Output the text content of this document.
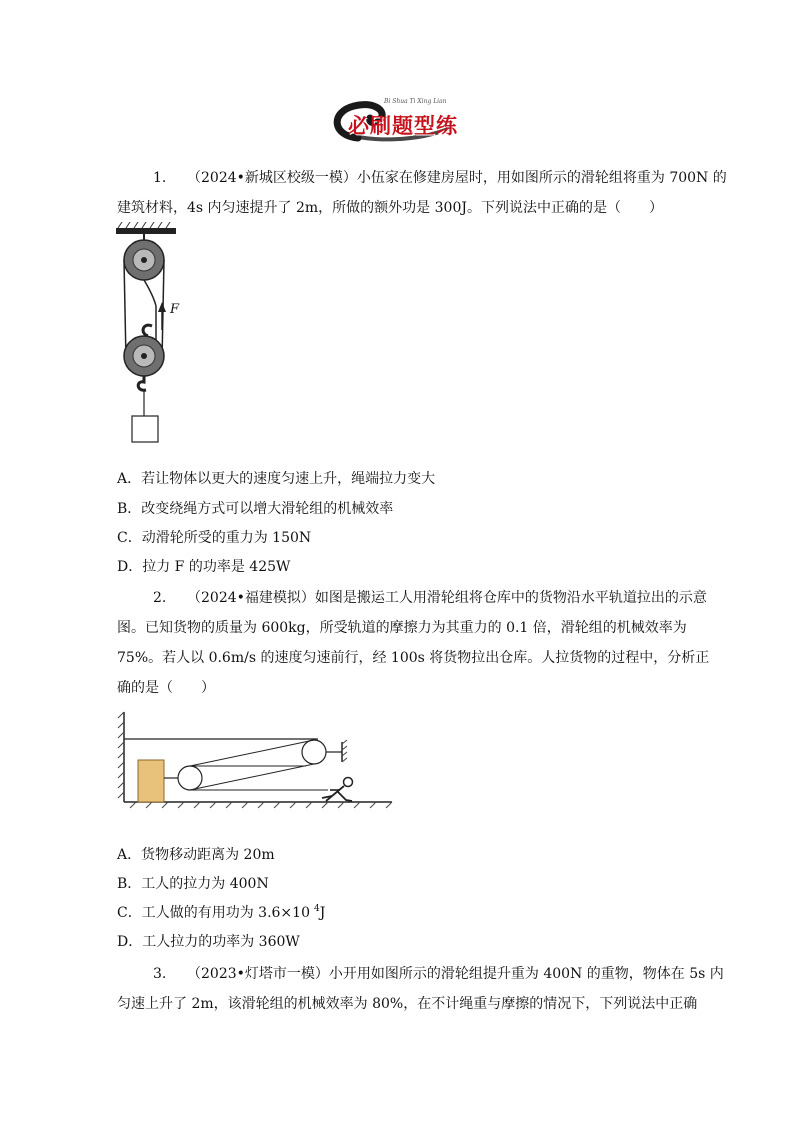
必刷题型练
Bi Shua Ti Xing Lian
1. （2024•新城区校级一模）小伍家在修建房屋时，用如图所示的滑轮组将重为 700N 的
建筑材料，4s 内匀速提升了 2m，所做的额外功是 300J。下列说法中正确的是（　　）
F
A．若让物体以更大的速度匀速上升，绳端拉力变大
B．改变绕绳方式可以增大滑轮组的机械效率
C．动滑轮所受的重力为 150N
D．拉力 F 的功率是 425W
2. （2024•福建模拟）如图是搬运工人用滑轮组将仓库中的货物沿水平轨道拉出的示意
图。已知货物的质量为 600kg，所受轨道的摩擦力为其重力的 0.1 倍，滑轮组的机械效率为
75%。若人以 0.6m/s 的速度匀速前行，经 100s 将货物拉出仓库。人拉货物的过程中，分析正
确的是（　　）
A．货物移动距离为 20m
B．工人的拉力为 400N
C．工人做的有用功为 3.6×10 $^4$J
D．工人拉力的功率为 360W
3. （2023•灯塔市一模）小开用如图所示的滑轮组提升重为 400N 的重物，物体在 5s 内
匀速上升了 2m，该滑轮组的机械效率为 80%，在不计绳重与摩擦的情况下，下列说法中正确
